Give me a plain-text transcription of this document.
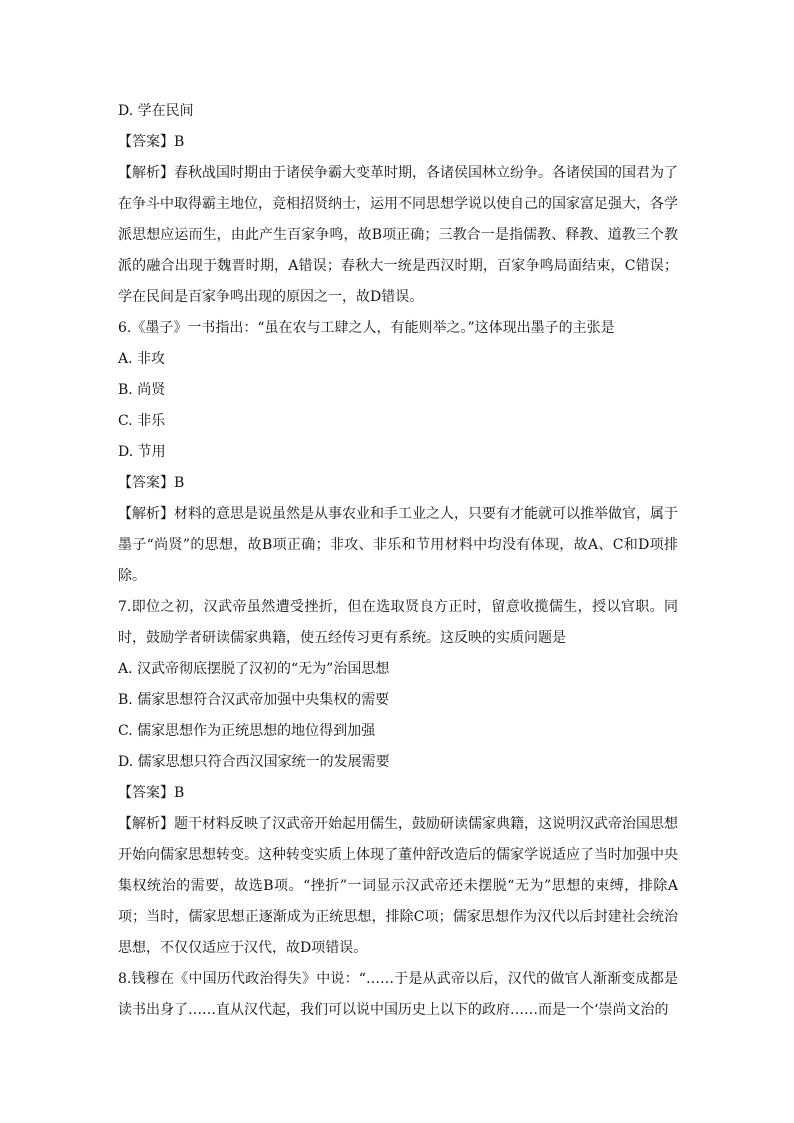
D. 学在民间
【答案】B
【解析】春秋战国时期由于诸侯争霸大变革时期，各诸侯国林立纷争。各诸侯国的国君为了在争斗中取得霸主地位，竞相招贤纳士，运用不同思想学说以使自己的国家富足强大，各学派思想应运而生，由此产生百家争鸣，故B项正确；三教合一是指儒教、释教、道教三个教派的融合出现于魏晋时期，A错误；春秋大一统是西汉时期，百家争鸣局面结束，C错误；学在民间是百家争鸣出现的原因之一，故D错误。
6.《墨子》一书指出：“虽在农与工肆之人，有能则举之。”这体现出墨子的主张是
A. 非攻
B. 尚贤
C. 非乐
D. 节用
【答案】B
【解析】材料的意思是说虽然是从事农业和手工业之人，只要有才能就可以推举做官，属于墨子“尚贤”的思想，故B项正确；非攻、非乐和节用材料中均没有体现，故A、C和D项排除。
7.即位之初，汉武帝虽然遭受挫折，但在选取贤良方正时，留意收揽儒生，授以官职。同时，鼓励学者研读儒家典籍，使五经传习更有系统。这反映的实质问题是
A. 汉武帝彻底摆脱了汉初的“无为”治国思想
B. 儒家思想符合汉武帝加强中央集权的需要
C. 儒家思想作为正统思想的地位得到加强
D. 儒家思想只符合西汉国家统一的发展需要
【答案】B
【解析】题干材料反映了汉武帝开始起用儒生，鼓励研读儒家典籍，这说明汉武帝治国思想开始向儒家思想转变。这种转变实质上体现了董仲舒改造后的儒家学说适应了当时加强中央集权统治的需要，故选B项。“挫折”一词显示汉武帝还未摆脱“无为”思想的束缚，排除A项；当时，儒家思想正逐渐成为正统思想，排除C项；儒家思想作为汉代以后封建社会统治思想，不仅仅适应于汉代，故D项错误。
8.钱穆在《中国历代政治得失》中说：“……于是从武帝以后，汉代的做官人渐渐变成都是读书出身了……直从汉代起，我们可以说中国历史上以下的政府……而是一个‘崇尚文治的
